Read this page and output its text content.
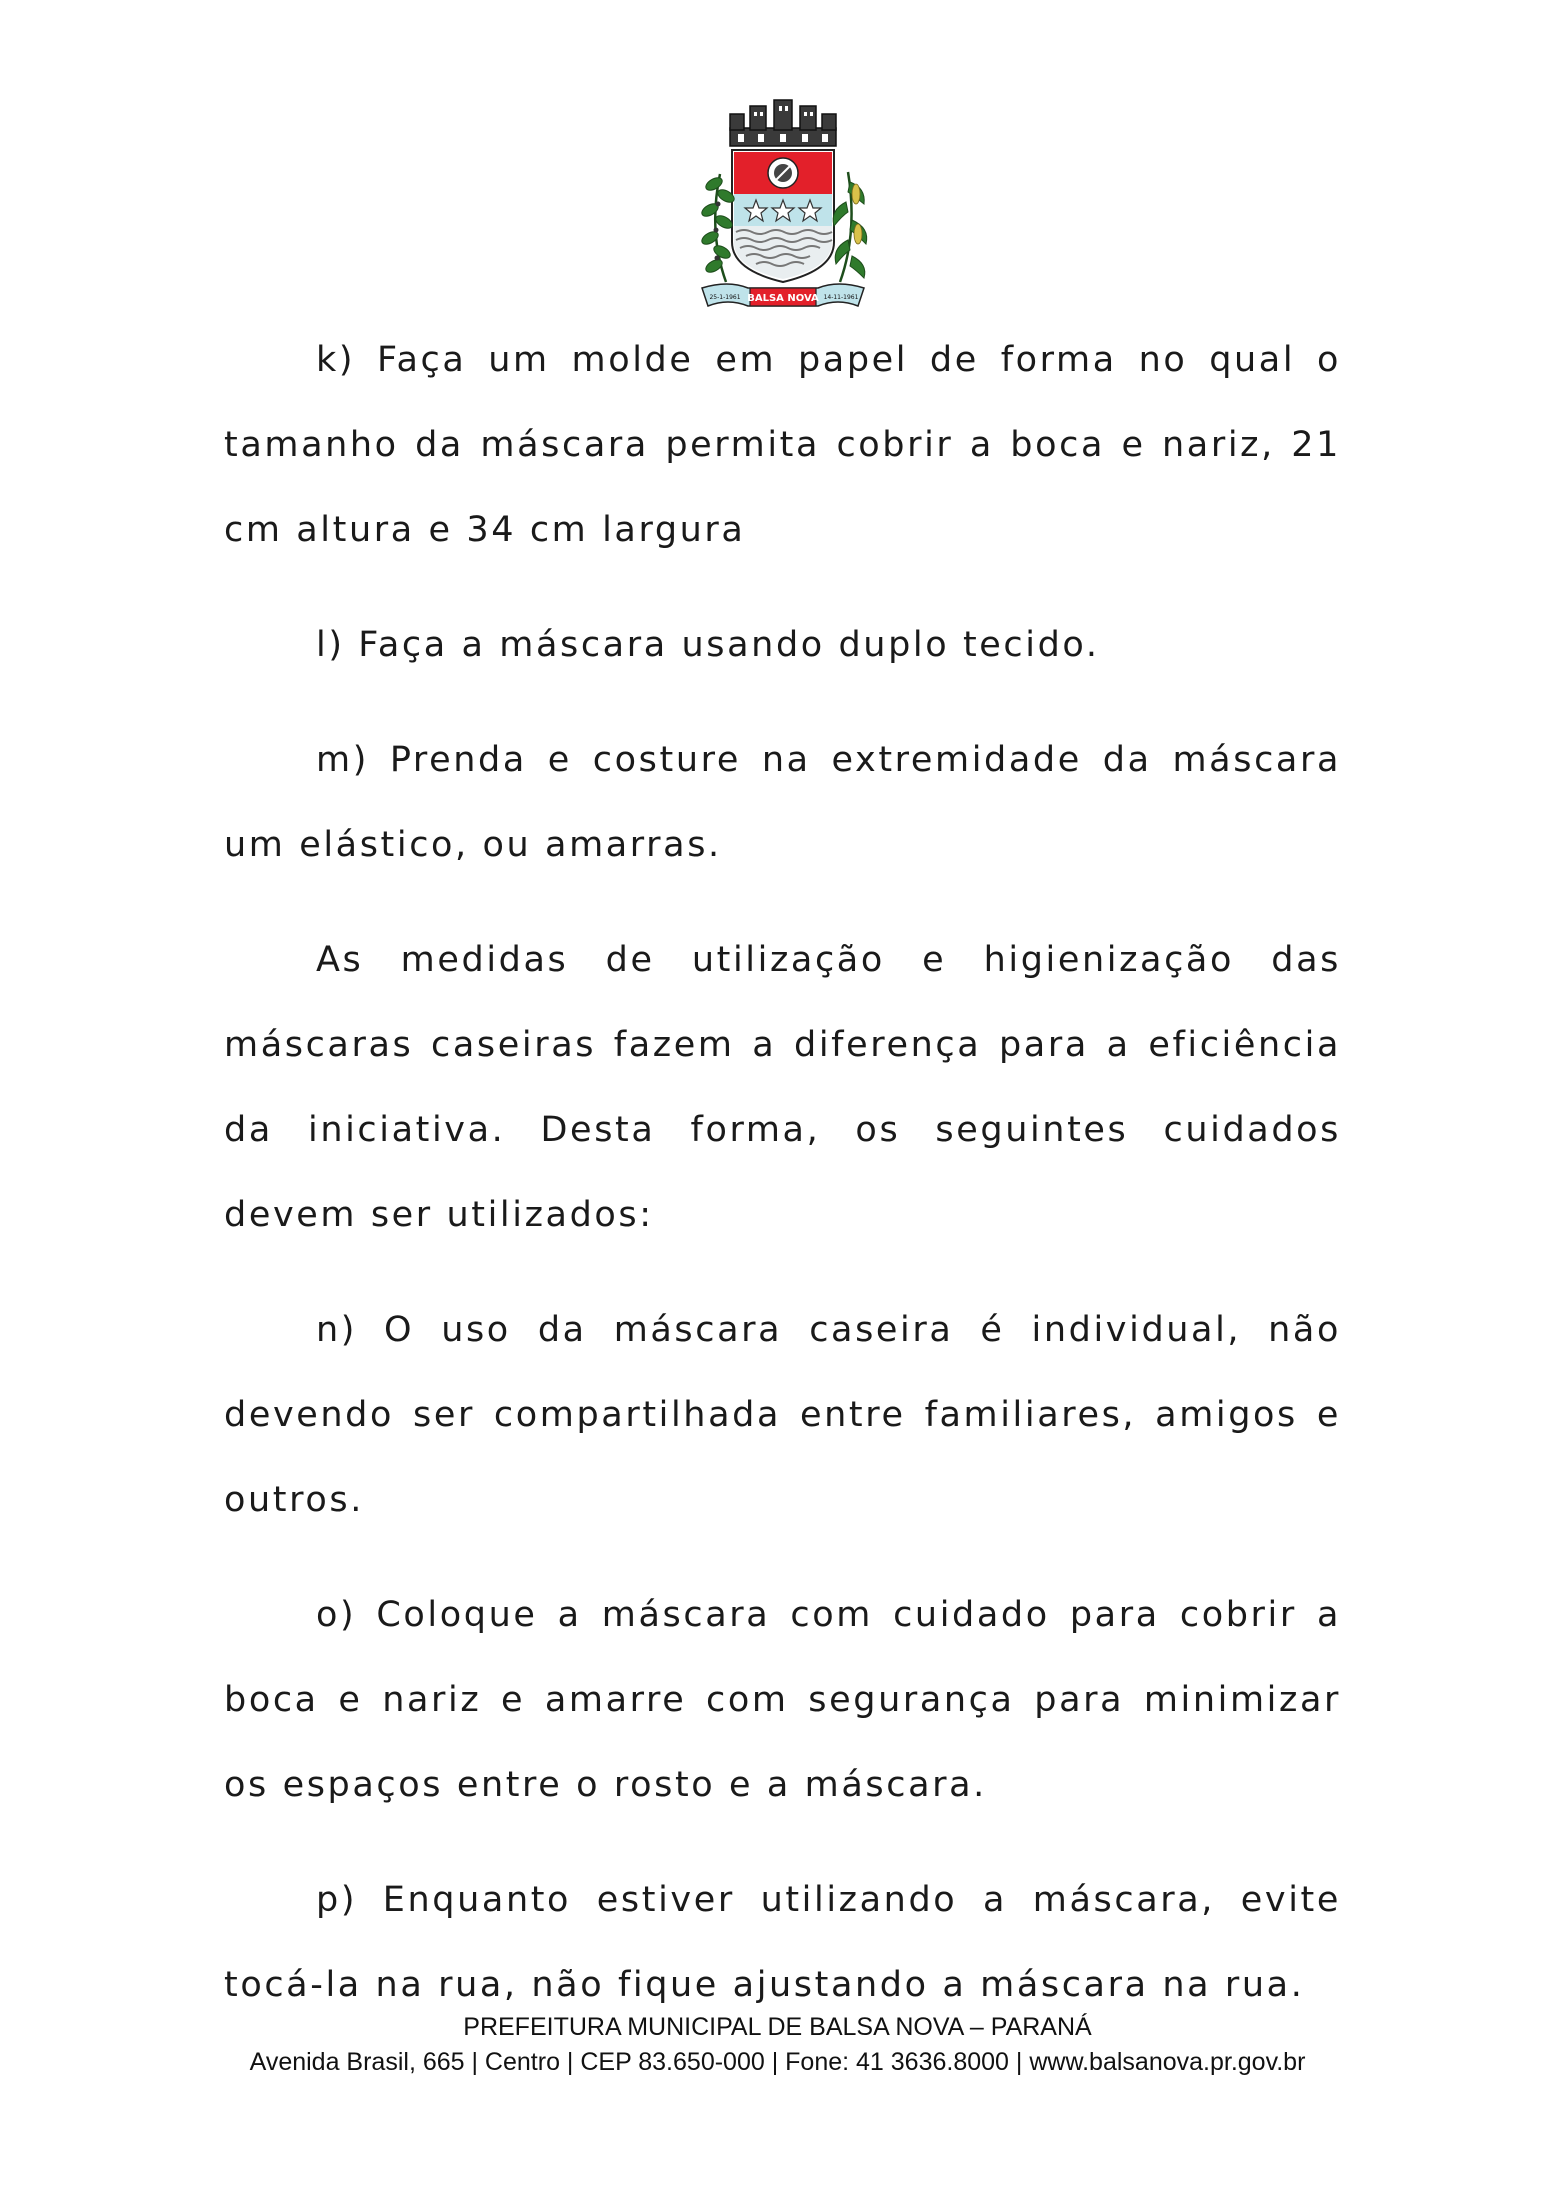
BALSA NOVA
25-1-1961	14-11-1961

k) Faça um molde em papel de forma no qual o tamanho da máscara permita cobrir a boca e nariz, 21 cm altura e 34 cm largura

l) Faça a máscara usando duplo tecido.

m) Prenda e costure na extremidade da máscara um elástico, ou amarras.

As medidas de utilização e higienização das máscaras caseiras fazem a diferença para a eficiência da iniciativa. Desta forma, os seguintes cuidados devem ser utilizados:

n) O uso da máscara caseira é individual, não devendo ser compartilhada entre familiares, amigos e outros.

o) Coloque a máscara com cuidado para cobrir a boca e nariz e amarre com segurança para minimizar os espaços entre o rosto e a máscara.

p) Enquanto estiver utilizando a máscara, evite tocá-la na rua, não fique ajustando a máscara na rua.

PREFEITURA MUNICIPAL DE BALSA NOVA – PARANÁ
Avenida Brasil, 665 | Centro | CEP 83.650-000 | Fone: 41 3636.8000 | www.balsanova.pr.gov.br
